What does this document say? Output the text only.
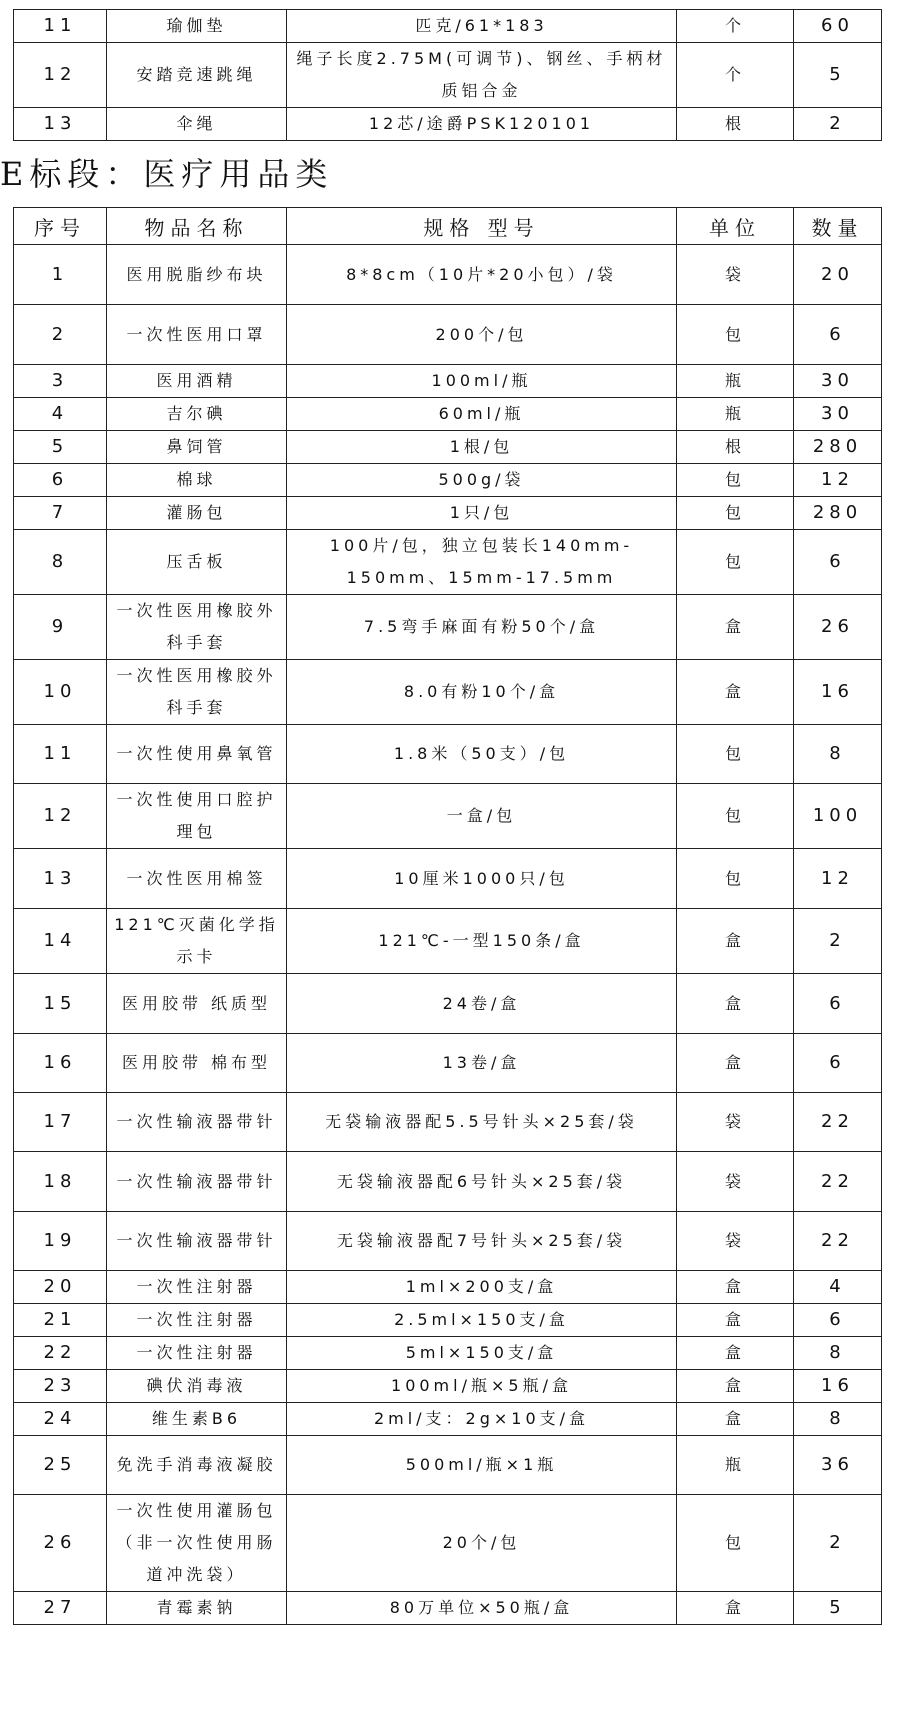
11	瑜伽垫	匹克/61*183	个	60
12	安踏竞速跳绳	绳子长度2.75M(可调节)、钢丝、手柄材质铝合金	个	5
13	伞绳	12芯/途爵PSK120101	根	2
E标段：医疗用品类
序号	物品名称	规格 型号	单位	数量
1	医用脱脂纱布块	8*8cm（10片*20小包）/袋	袋	20
2	一次性医用口罩	200个/包	包	6
3	医用酒精	100ml/瓶	瓶	30
4	吉尔碘	60ml/瓶	瓶	30
5	鼻饲管	1根/包	根	280
6	棉球	500g/袋	包	12
7	灌肠包	1只/包	包	280
8	压舌板	100片/包，独立包装长140mm-150mm、15mm-17.5mm	包	6
9	一次性医用橡胶外科手套	7.5弯手麻面有粉50个/盒	盒	26
10	一次性医用橡胶外科手套	8.0有粉10个/盒	盒	16
11	一次性使用鼻氧管	1.8米（50支）/包	包	8
12	一次性使用口腔护理包	一盒/包	包	100
13	一次性医用棉签	10厘米1000只/包	包	12
14	121℃灭菌化学指示卡	121℃-一型150条/盒	盒	2
15	医用胶带 纸质型	24卷/盒	盒	6
16	医用胶带 棉布型	13卷/盒	盒	6
17	一次性输液器带针	无袋输液器配5.5号针头×25套/袋	袋	22
18	一次性输液器带针	无袋输液器配6号针头×25套/袋	袋	22
19	一次性输液器带针	无袋输液器配7号针头×25套/袋	袋	22
20	一次性注射器	1ml×200支/盒	盒	4
21	一次性注射器	2.5ml×150支/盒	盒	6
22	一次性注射器	5ml×150支/盒	盒	8
23	碘伏消毒液	100ml/瓶×5瓶/盒	盒	16
24	维生素B6	2ml/支：2g×10支/盒	盒	8
25	免洗手消毒液凝胶	500ml/瓶×1瓶	瓶	36
26	一次性使用灌肠包（非一次性使用肠道冲洗袋）	20个/包	包	2
27	青霉素钠	80万单位×50瓶/盒	盒	5
